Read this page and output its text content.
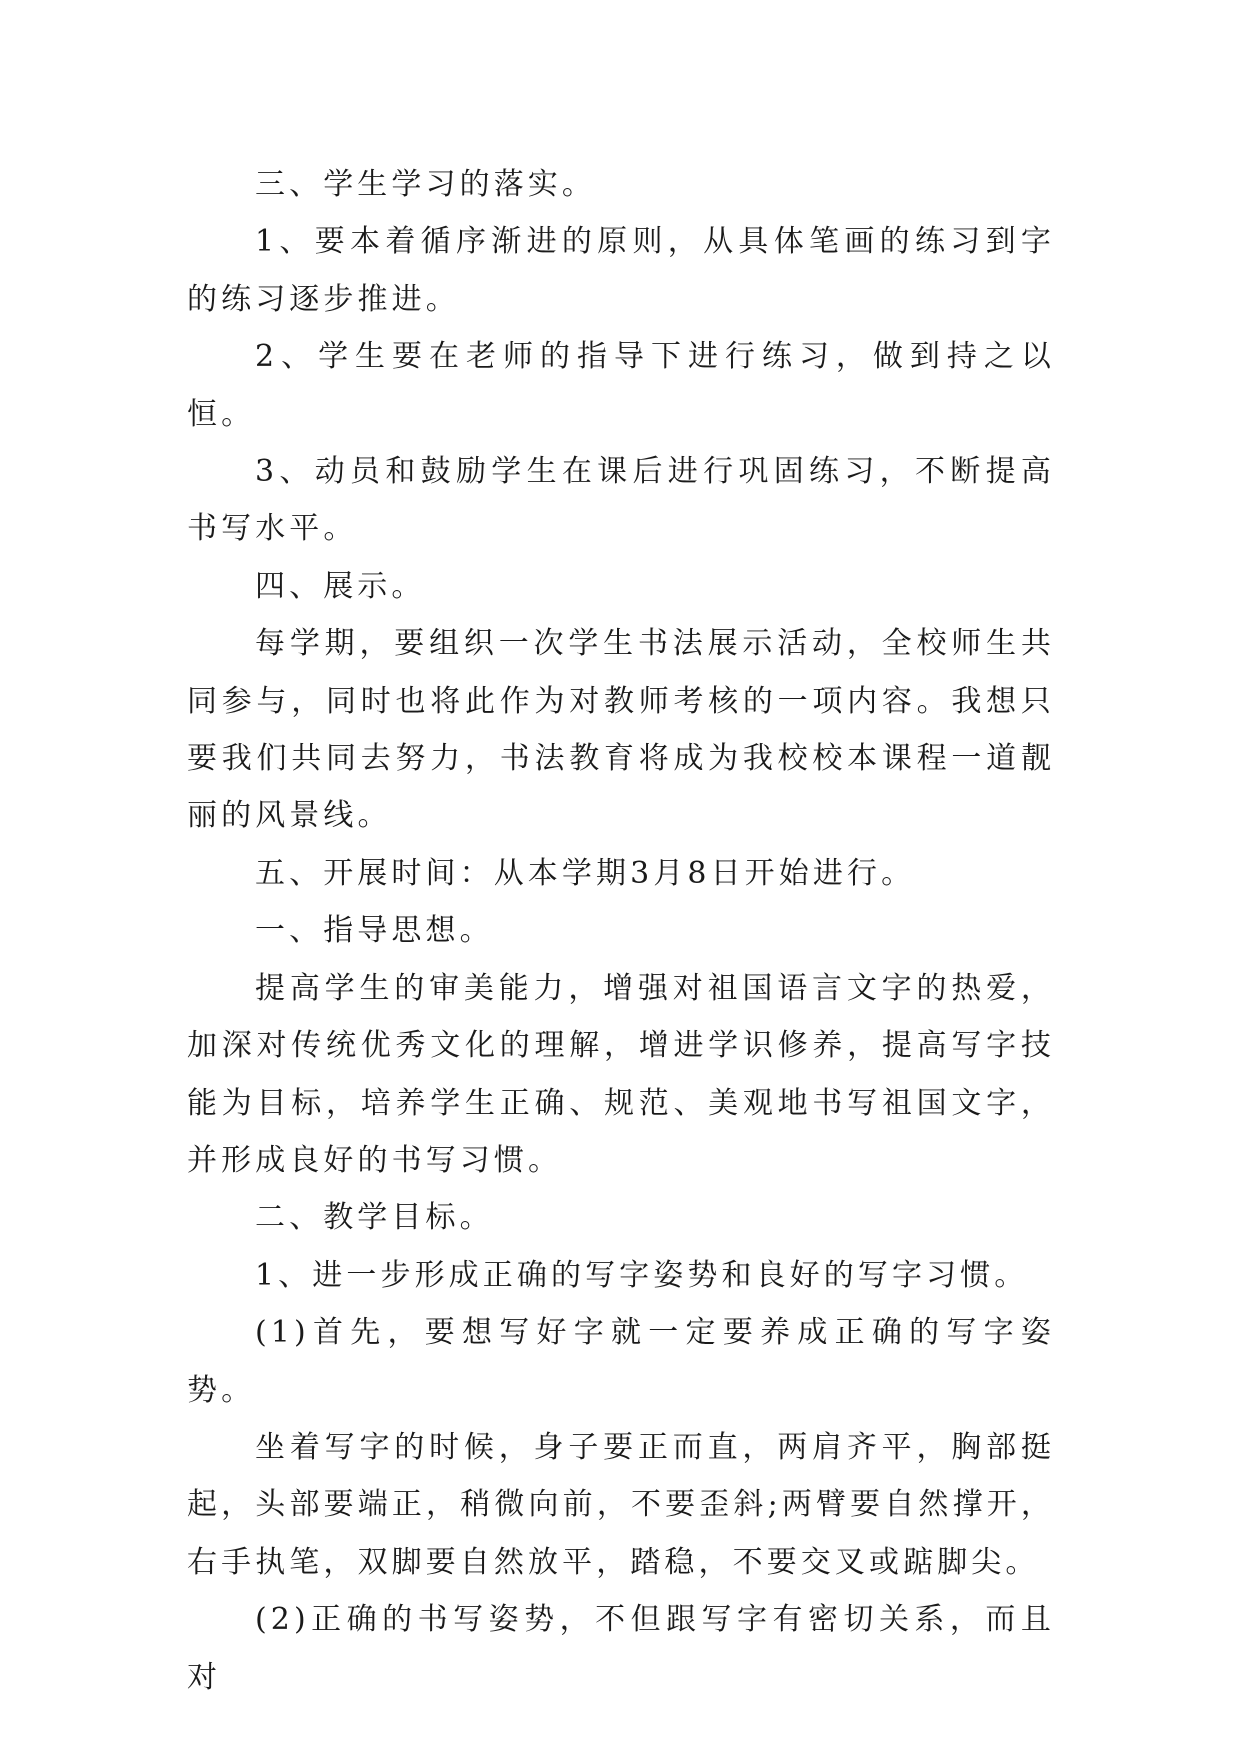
三、学生学习的落实。

1、要本着循序渐进的原则，从具体笔画的练习到字的练习逐步推进。

2、学生要在老师的指导下进行练习，做到持之以恒。

3、动员和鼓励学生在课后进行巩固练习，不断提高书写水平。

四、展示。

每学期，要组织一次学生书法展示活动，全校师生共同参与，同时也将此作为对教师考核的一项内容。我想只要我们共同去努力，书法教育将成为我校校本课程一道靓丽的风景线。

五、开展时间：从本学期3月8日开始进行。

一、指导思想。

提高学生的审美能力，增强对祖国语言文字的热爱，加深对传统优秀文化的理解，增进学识修养，提高写字技能为目标，培养学生正确、规范、美观地书写祖国文字，并形成良好的书写习惯。

二、教学目标。

1、进一步形成正确的写字姿势和良好的写字习惯。

(1)首先，要想写好字就一定要养成正确的写字姿势。

坐着写字的时候，身子要正而直，两肩齐平，胸部挺起，头部要端正，稍微向前，不要歪斜;两臂要自然撑开，右手执笔，双脚要自然放平，踏稳，不要交叉或踮脚尖。

(2)正确的书写姿势，不但跟写字有密切关系，而且对
